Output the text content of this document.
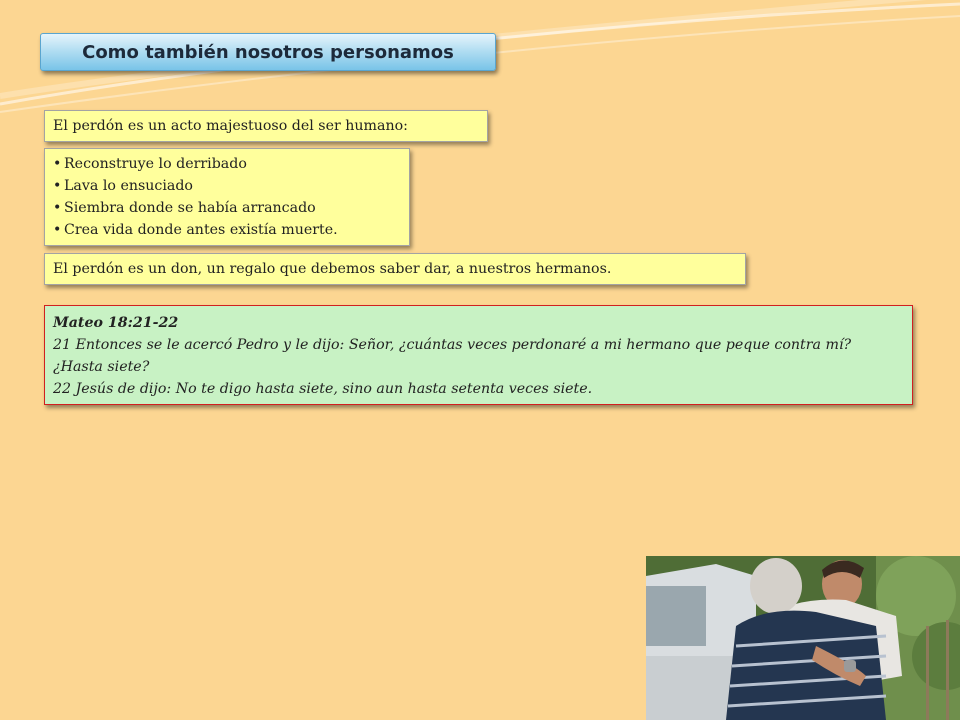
Como también nosotros personamos
El perdón es un acto majestuoso del ser humano:
• Reconstruye lo derribado
• Lava lo ensuciado
• Siembra donde se había arrancado
• Crea vida donde antes existía muerte.
El perdón es un don, un regalo que debemos saber dar, a nuestros hermanos.
Mateo 18:21-22
21 Entonces se le acercó Pedro y le dijo: Señor, ¿cuántas veces perdonaré a mi hermano que peque contra mí? ¿Hasta siete?
22 Jesús de dijo: No te digo hasta siete, sino aun hasta setenta veces siete.
